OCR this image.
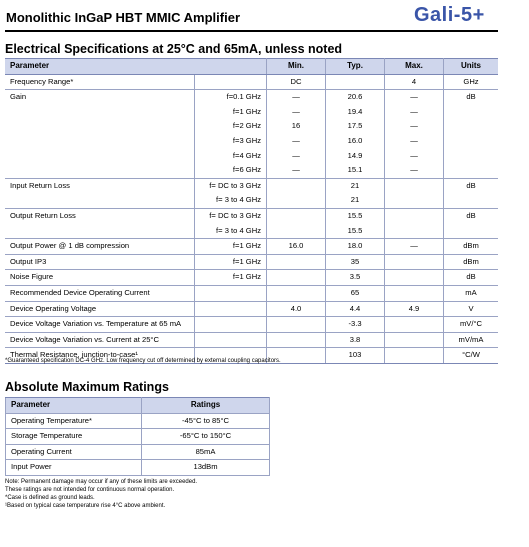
Monolithic InGaP HBT MMIC Amplifier	Gali-5+
Electrical Specifications at 25°C and 65mA, unless noted
Parameter		Min.	Typ.	Max.	Units
Frequency Range*		DC		4	GHz
Gain	f=0.1 GHz	—	20.6	—	dB
	f=1 GHz	—	19.4	—	
	f=2 GHz	16	17.5	—	
	f=3 GHz	—	16.0	—	
	f=4 GHz	—	14.9	—	
	f=6 GHz	—	15.1	—	
Input Return Loss	f= DC to 3 GHz		21		dB
	f= 3 to 4 GHz		21		
Output Return Loss	f= DC to 3 GHz		15.5		dB
	f= 3 to 4 GHz		15.5		
Output Power @ 1 dB compression	f=1 GHz	16.0	18.0	—	dBm
Output IP3	f=1 GHz		35		dBm
Noise Figure	f=1 GHz		3.5		dB
Recommended Device Operating Current			65		mA
Device Operating Voltage		4.0	4.4	4.9	V
Device Voltage Variation vs. Temperature at 65 mA			-3.3		mV/°C
Device Voltage Variation vs. Current at 25°C			3.8		mV/mA
Thermal Resistance, junction-to-case¹			103		°C/W
*Guaranteed specification DC-4 GHz. Low frequency cut off determined by external coupling capacitors.
Absolute Maximum Ratings
Parameter	Ratings
Operating Temperature*	-45°C to 85°C
Storage Temperature	-65°C to 150°C
Operating Current	85mA
Input Power	13dBm
Note: Permanent damage may occur if any of these limits are exceeded.
These ratings are not intended for continuous normal operation.
*Case is defined as ground leads.
¹Based on typical case temperature rise 4°C above ambient.
